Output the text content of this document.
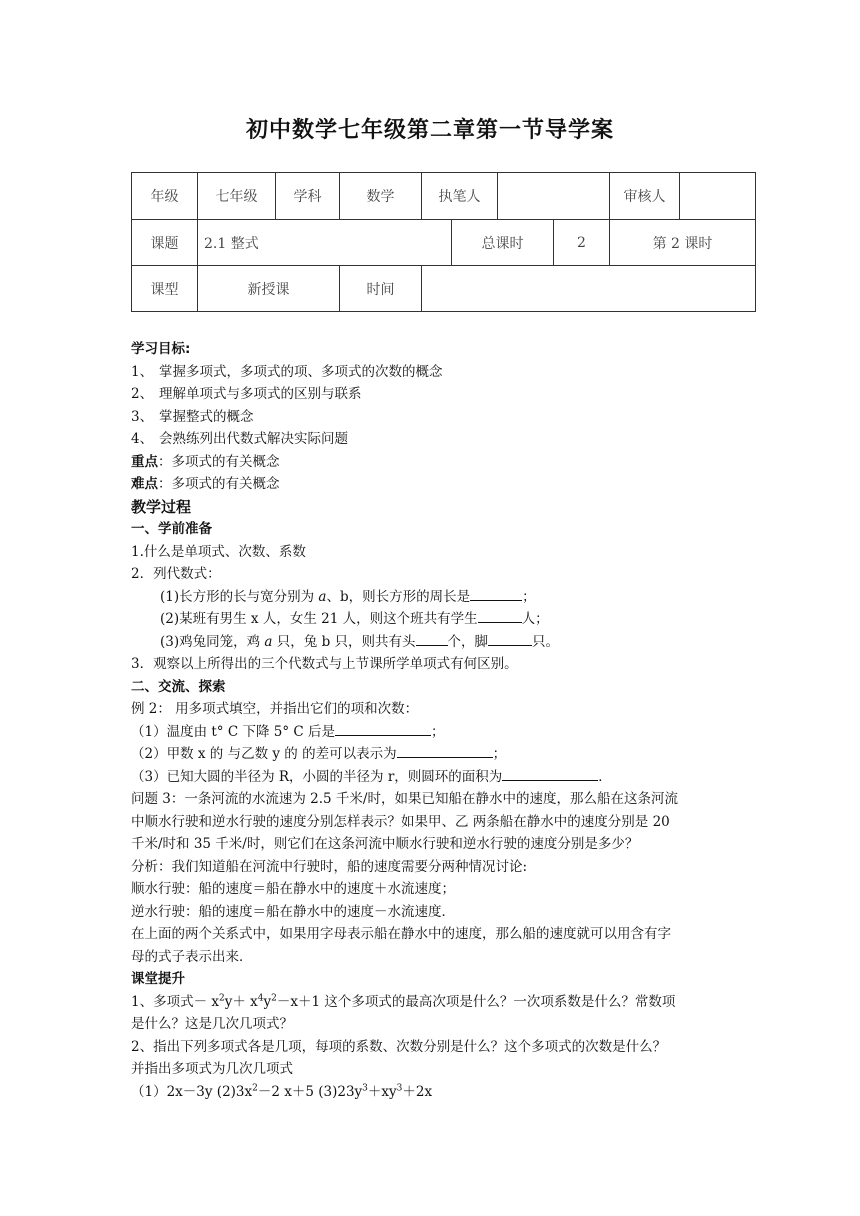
初中数学七年级第二章第一节导学案
年级	七年级	学科	数学	执笔人				审核人	
课题	2.1 整式				总课时		2	第 2 课时	
课型	新授课		时间						

学习目标:

1、 掌握多项式，多项式的项、多项式的次数的概念

2、 理解单项式与多项式的区别与联系

3、 掌握整式的概念

4、 会熟练列出代数式解决实际问题

重点：多项式的有关概念

难点：多项式的有关概念

教学过程

一、学前准备

1.什么是单项式、次数、系数

2．列代数式：

(1)长方形的长与宽分别为 a、b，则长方形的周长是	；

(2)某班有男生 x 人，女生 21 人，则这个班共有学生	人；

(3)鸡兔同笼，鸡 a 只，兔 b 只，则共有头 个，脚	只。

3．观察以上所得出的三个代数式与上节课所学单项式有何区别。

二、交流、探索

例 2： 用多项式填空，并指出它们的项和次数：

（1）温度由 t° C 下降 5° C 后是	；

（2）甲数 x 的 与乙数 y 的 的差可以表示为	；

（3）已知大圆的半径为 R，小圆的半径为 r，则圆环的面积为	．

问题 3：一条河流的水流速为 2.5 千米/时，如果已知船在静水中的速度，那么船在这条河流

中顺水行驶和逆水行驶的速度分别怎样表示？如果甲、乙 两条船在静水中的速度分别是 20

千米/时和 35 千米/时，则它们在这条河流中顺水行驶和逆水行驶的速度分别是多少？

分析：我们知道船在河流中行驶时，船的速度需要分两种情况讨论:

顺水行驶：船的速度＝船在静水中的速度＋水流速度；

逆水行驶：船的速度＝船在静水中的速度－水流速度．

在上面的两个关系式中，如果用字母表示船在静水中的速度，那么船的速度就可以用含有字

母的式子表示出来．

课堂提升

1、多项式－ $x^2y+ x^4y^2-x+1$ 这个多项式的最高次项是什么？一次项系数是什么？常数项

是什么？这是几次几项式？

2、指出下列多项式各是几项，每项的系数、次数分别是什么？这个多项式的次数是什么？

并指出多项式为几次几项式

（1）2x－3y $(2)3x^2-2$ x＋5 $(3)23y^3+xy^3+2x$
